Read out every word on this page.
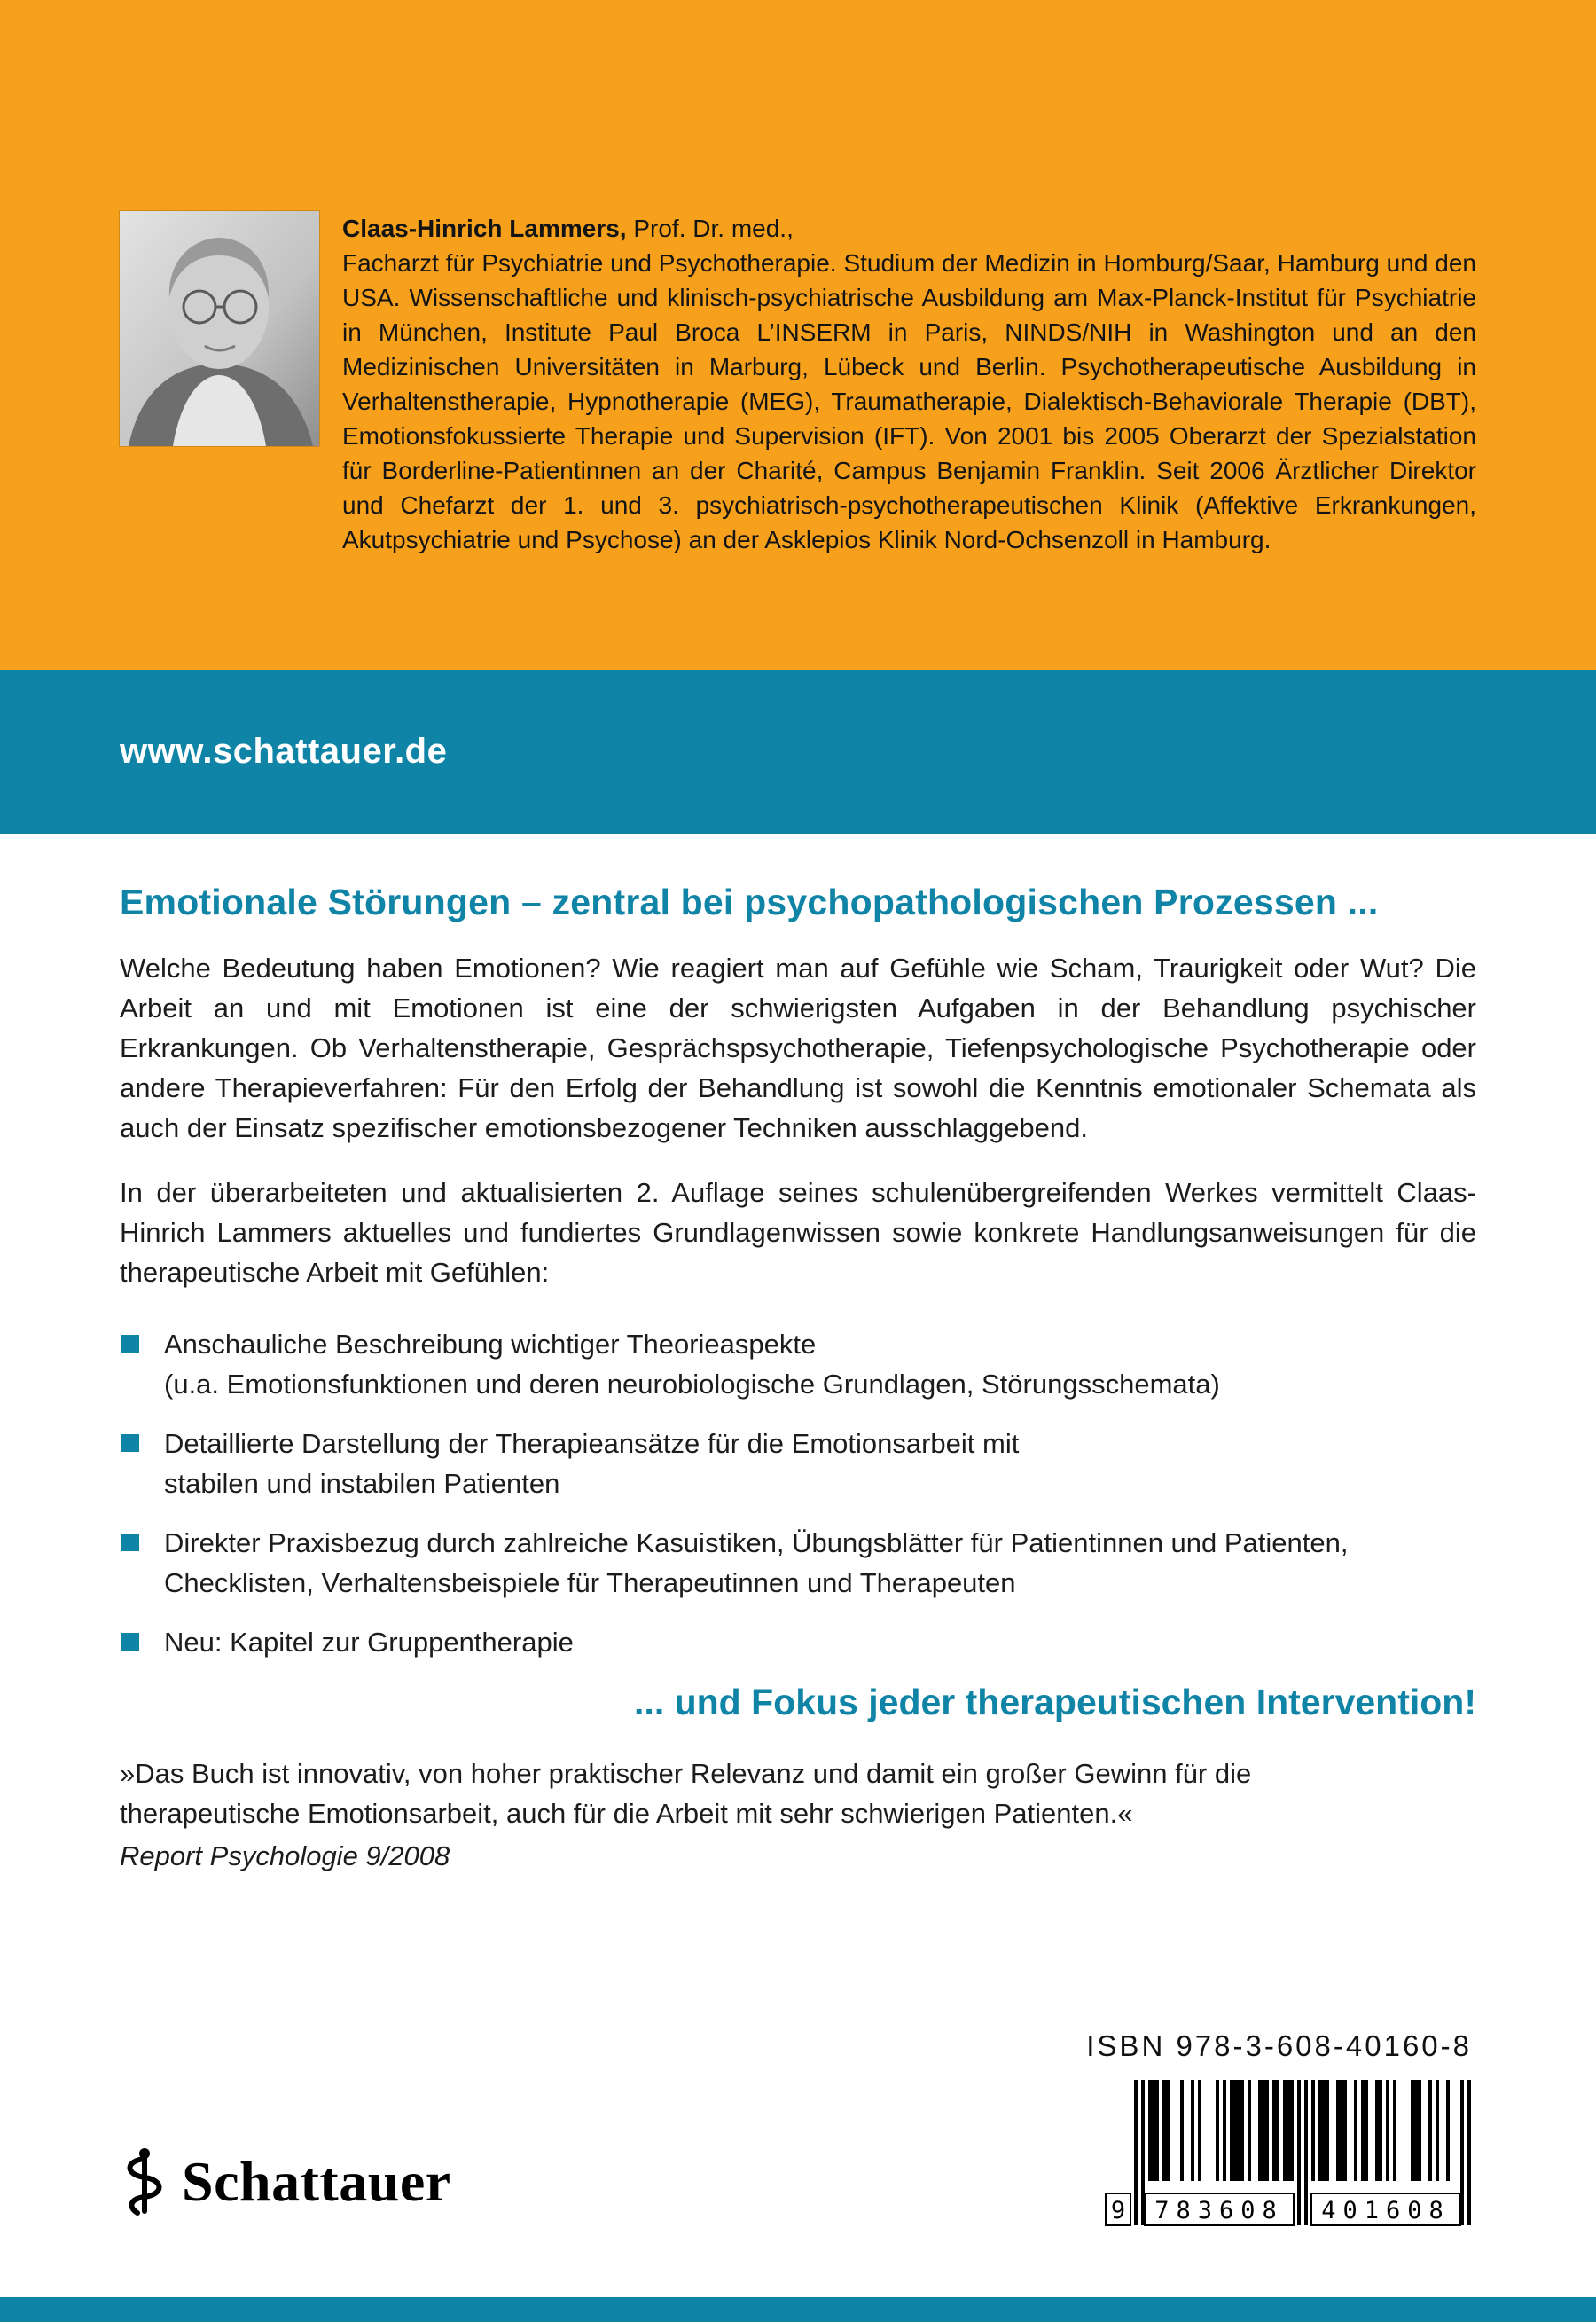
Claas-Hinrich Lammers, Prof. Dr. med.,
Facharzt für Psychiatrie und Psychotherapie. Studium der Medizin in Homburg/Saar, Hamburg und den USA. Wissenschaftliche und klinisch-psychiatrische Ausbildung am Max-Planck-Institut für Psychiatrie in München, Institute Paul Broca L’INSERM in Paris, NINDS/NIH in Washington und an den Medizinischen Universitäten in Marburg, Lübeck und Berlin. Psychotherapeutische Ausbildung in Verhaltenstherapie, Hypnotherapie (MEG), Traumatherapie, Dialektisch-Behaviorale Therapie (DBT), Emotionsfokussierte Therapie und Supervision (IFT). Von 2001 bis 2005 Oberarzt der Spezialstation für Borderline-Patientinnen an der Charité, Campus Benjamin Franklin. Seit 2006 Ärztlicher Direktor und Chefarzt der 1. und 3. psychiatrisch-psychotherapeutischen Klinik (Affektive Erkrankungen, Akutpsychiatrie und Psychose) an der Asklepios Klinik Nord-Ochsenzoll in Hamburg.

www.schattauer.de
Emotionale Störungen – zentral bei psychopathologischen Prozessen ...

Welche Bedeutung haben Emotionen? Wie reagiert man auf Gefühle wie Scham, Traurigkeit oder Wut? Die Arbeit an und mit Emotionen ist eine der schwierigsten Aufgaben in der Behandlung psychischer Erkrankungen. Ob Verhaltenstherapie, Gesprächspsychotherapie, Tiefenpsychologische Psychotherapie oder andere Therapieverfahren: Für den Erfolg der Behandlung ist sowohl die Kenntnis emotionaler Schemata als auch der Einsatz spezifischer emotionsbezogener Techniken ausschlaggebend.

In der überarbeiteten und aktualisierten 2. Auflage seines schulenübergreifenden Werkes vermittelt Claas-Hinrich Lammers aktuelles und fundiertes Grundlagenwissen sowie konkrete Handlungsanweisungen für die therapeutische Arbeit mit Gefühlen:

Anschauliche Beschreibung wichtiger Theorieaspekte
(u.a. Emotionsfunktionen und deren neurobiologische Grundlagen, Störungsschemata)
Detaillierte Darstellung der Therapieansätze für die Emotionsarbeit mit
stabilen und instabilen Patienten
Direkter Praxisbezug durch zahlreiche Kasuistiken, Übungsblätter für Patientinnen und Patienten,
Checklisten, Verhaltensbeispiele für Therapeutinnen und Therapeuten
Neu: Kapitel zur Gruppentherapie
... und Fokus jeder therapeutischen Intervention!

»Das Buch ist innovativ, von hoher praktischer Relevanz und damit ein großer Gewinn für die
therapeutische Emotionsarbeit, auch für die Arbeit mit sehr schwierigen Patienten.«

Report Psychologie 9/2008

ISBN 978-3-608-40160-8
9 783608 401608
Schattauer
